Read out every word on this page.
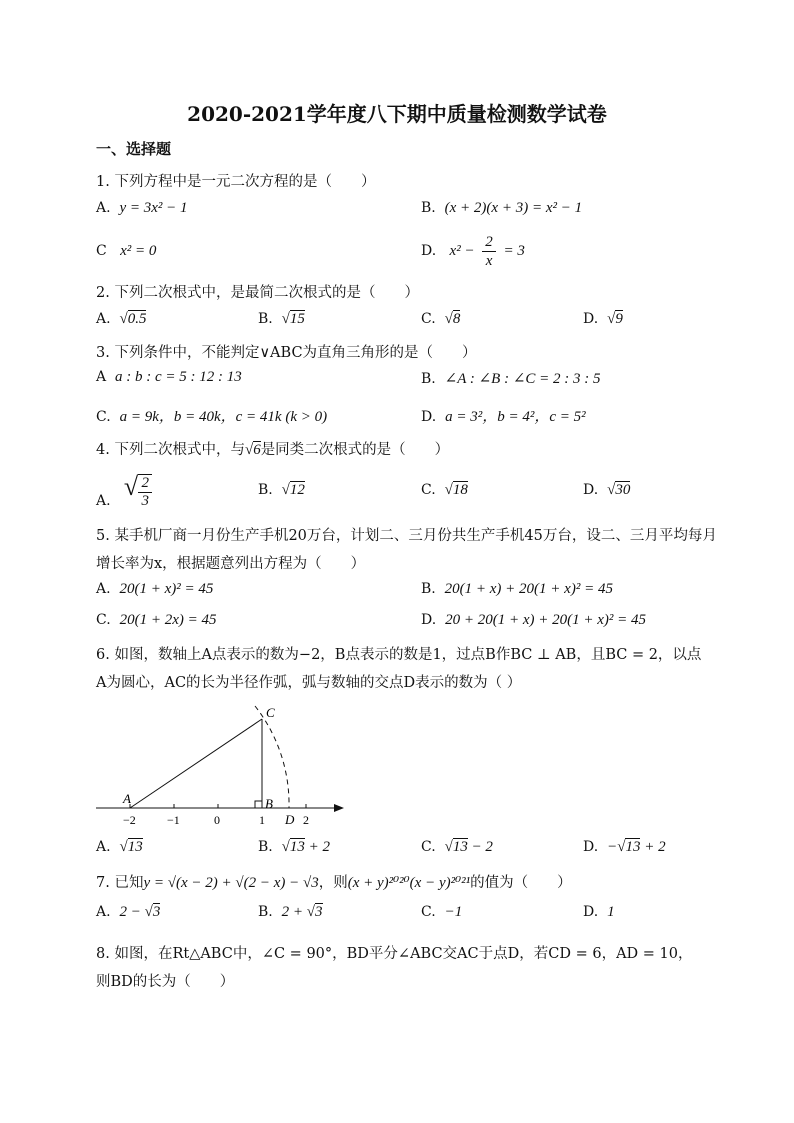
2020-2021学年度八下期中质量检测数学试卷
一、选择题
1. 下列方程中是一元二次方程的是（　　）
A. y = 3x² − 1	B. (x + 2)(x + 3) = x² − 1
C x² = 0	D. $x^2 - \frac{2}{x} = 3$
2. 下列二次根式中，是最简二次根式的是（　　）
A. √0.5	B. √15	C. √8	D. √9
3. 下列条件中，不能判定∨ABC为直角三角形的是（　　）
A a : b : c = 5 : 12 : 13	B. ∠A : ∠B : ∠C = 2 : 3 : 5
C. a = 9k，b = 40k，c = 41k (k > 0)	D. a = 3²，b = 4²，c = 5²
4. 下列二次根式中，与√6是同类二次根式的是（　　）
A. √ $\frac{2}{3}$	B. √12	C. √18	D. √30
5. 某手机厂商一月份生产手机20万台，计划二、三月份共生产手机45万台，设二、三月平均每月
增长率为x，根据题意列出方程为（　　）
A. 20(1 + x)² = 45	B. 20(1 + x) + 20(1 + x)² = 45
C. 20(1 + 2x) = 45	D. 20 + 20(1 + x) + 20(1 + x)² = 45
6. 如图，数轴上A点表示的数为−2，B点表示的数是1，过点B作BC ⊥ AB，且BC = 2，以点
A为圆心，AC的长为半径作弧，弧与数轴的交点D表示的数为（ ）
A	B
C
D
−2	−1	0	1	2
A. √13	B. √13 + 2	C. √13 − 2	D. −√13 + 2
7. 已知y = √(x − 2) + √(2 − x) − √3，则(x + y)²⁰²⁰(x − y)²⁰²¹的值为（　　）
A. 2 − √3	B. 2 + √3	C. −1	D. 1
8. 如图，在Rt△ABC中，∠C = 90°，BD平分∠ABC交AC于点D，若CD = 6，AD = 10，
则BD的长为（　　）
